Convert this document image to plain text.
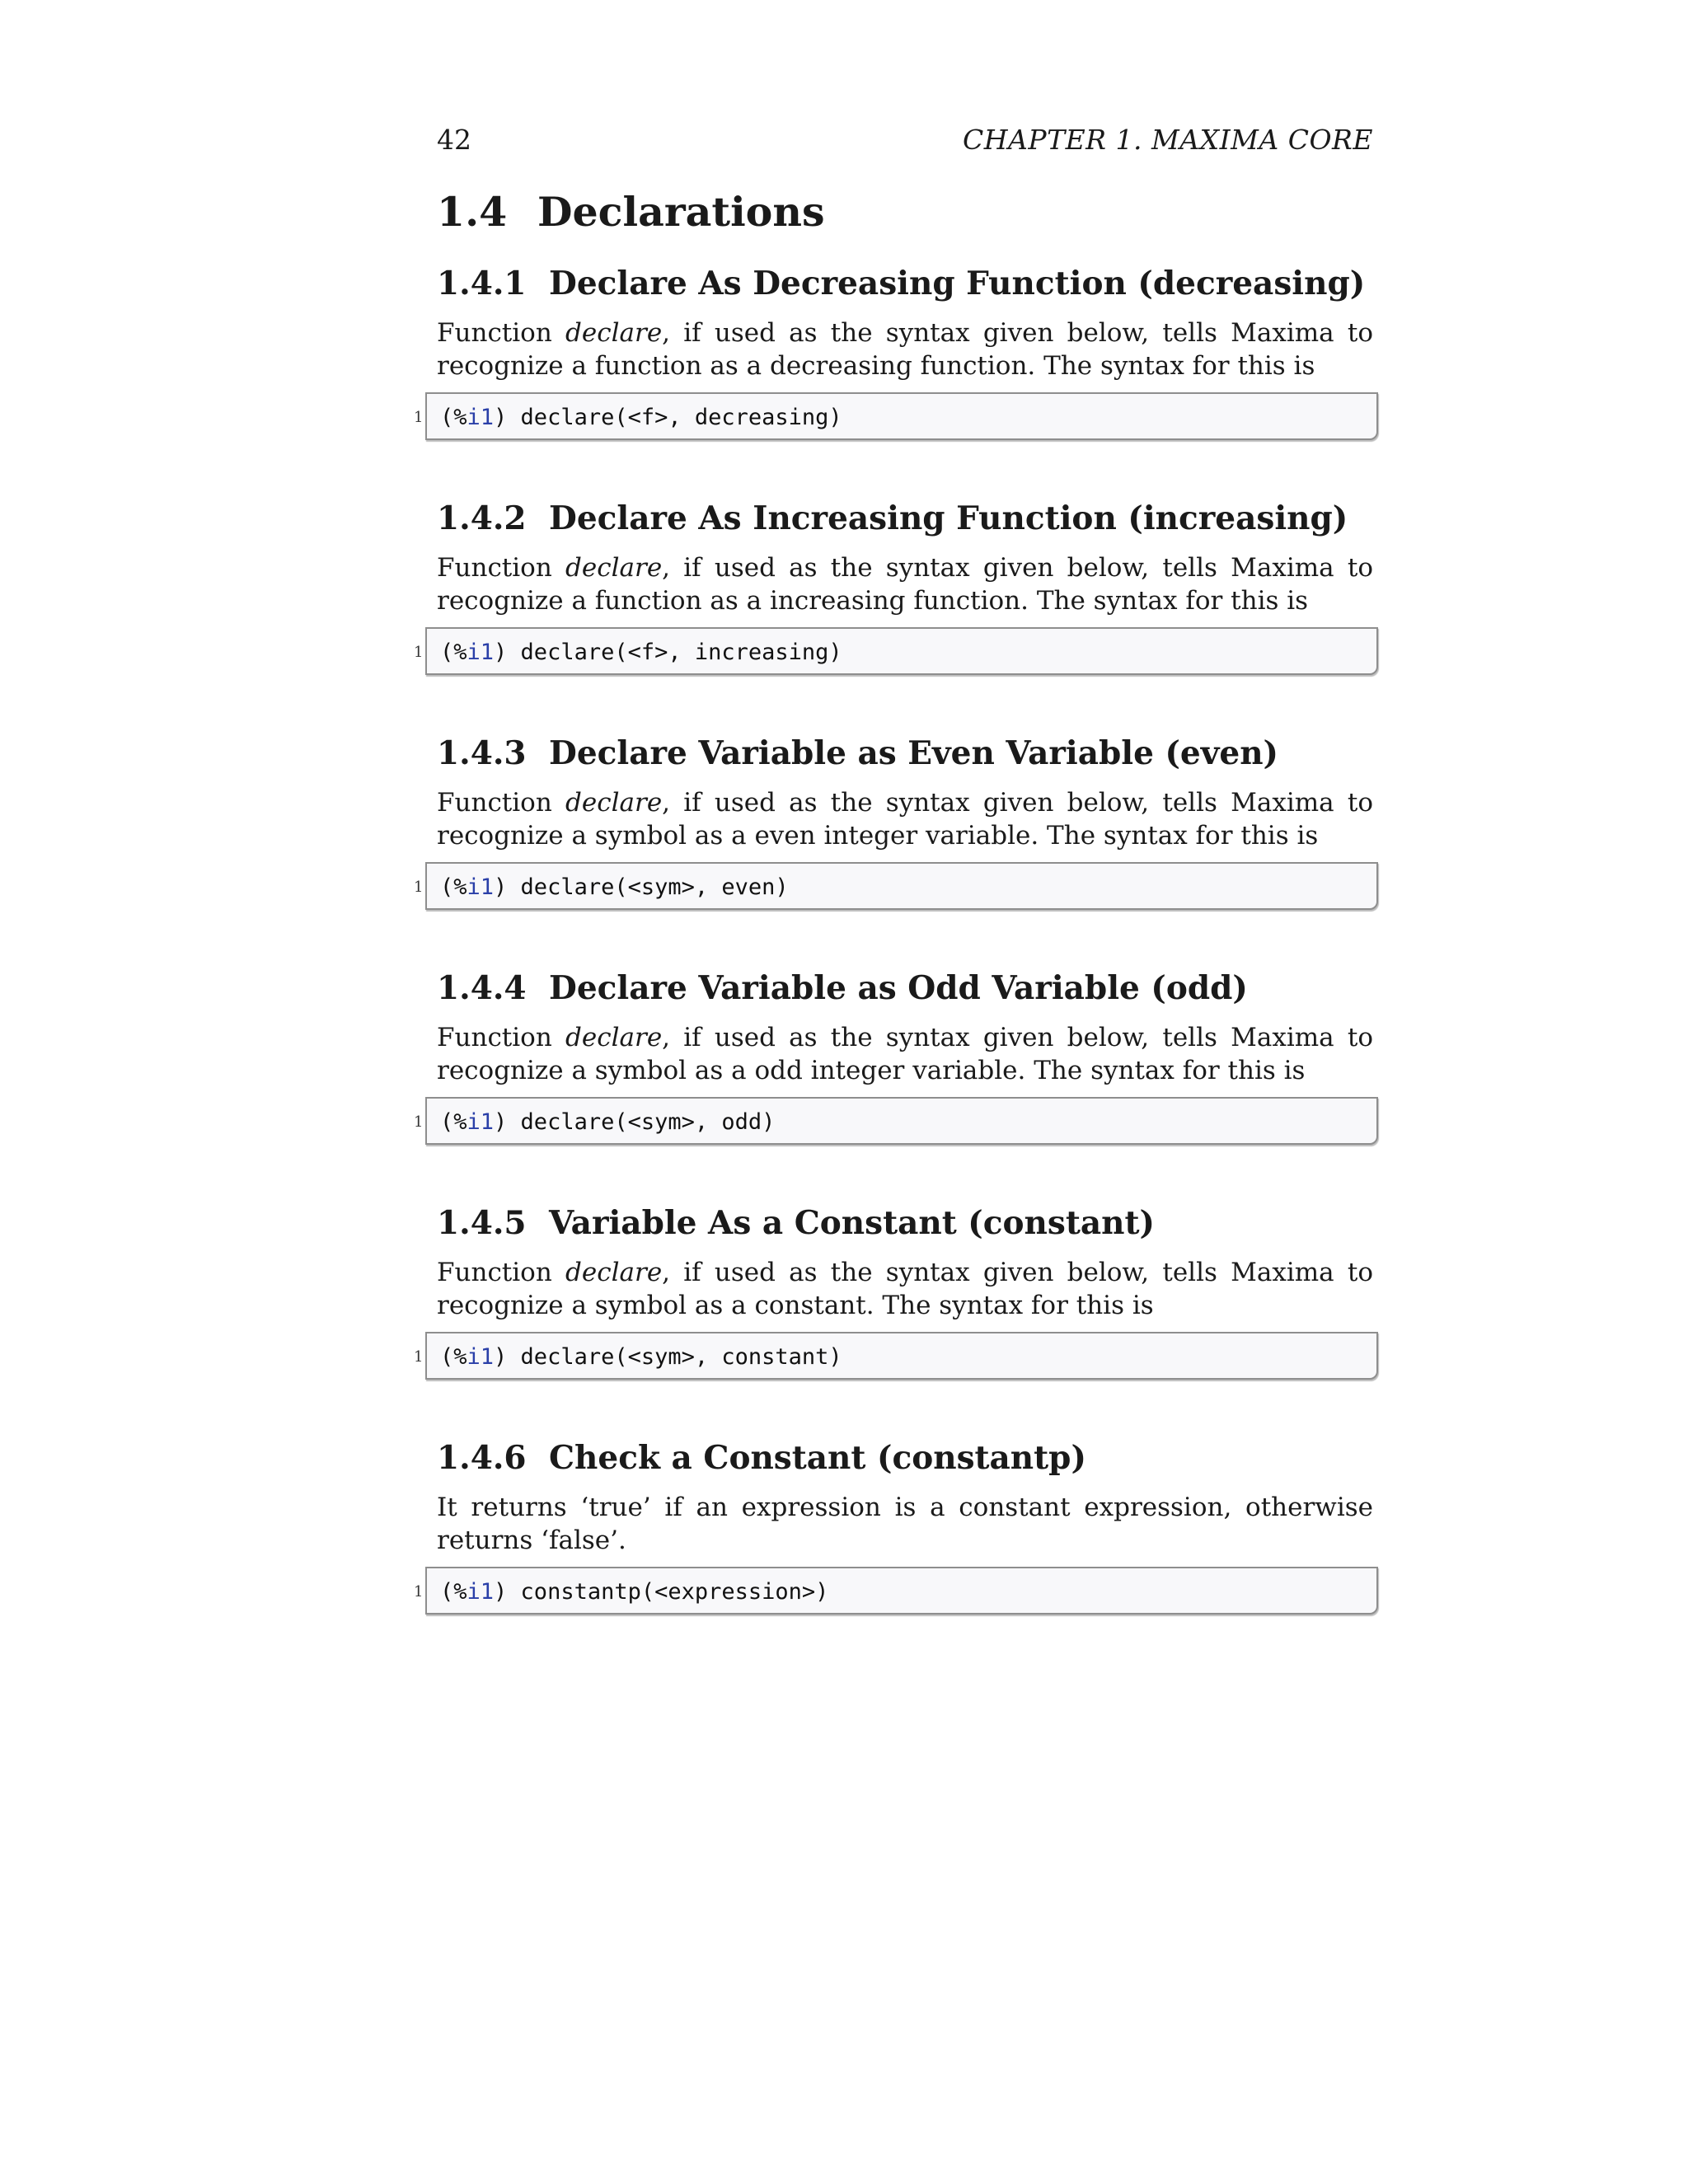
42	CHAPTER 1. MAXIMA CORE
1.4 Declarations
1.4.1 Declare As Decreasing Function (decreasing)
Function declare, if used as the syntax given below, tells Maxima to recognize a function as a decreasing function. The syntax for this is
1 (%i1) declare(<f>, decreasing)
1.4.2 Declare As Increasing Function (increasing)
Function declare, if used as the syntax given below, tells Maxima to recognize a function as a increasing function. The syntax for this is
1 (%i1) declare(<f>, increasing)
1.4.3 Declare Variable as Even Variable (even)
Function declare, if used as the syntax given below, tells Maxima to recognize a symbol as a even integer variable. The syntax for this is
1 (%i1) declare(<sym>, even)
1.4.4 Declare Variable as Odd Variable (odd)
Function declare, if used as the syntax given below, tells Maxima to recognize a symbol as a odd integer variable. The syntax for this is
1 (%i1) declare(<sym>, odd)
1.4.5 Variable As a Constant (constant)
Function declare, if used as the syntax given below, tells Maxima to recognize a symbol as a constant. The syntax for this is
1 (%i1) declare(<sym>, constant)
1.4.6 Check a Constant (constantp)
It returns ‘true’ if an expression is a constant expression, otherwise returns ‘false’.
1 (%i1) constantp(<expression>)
